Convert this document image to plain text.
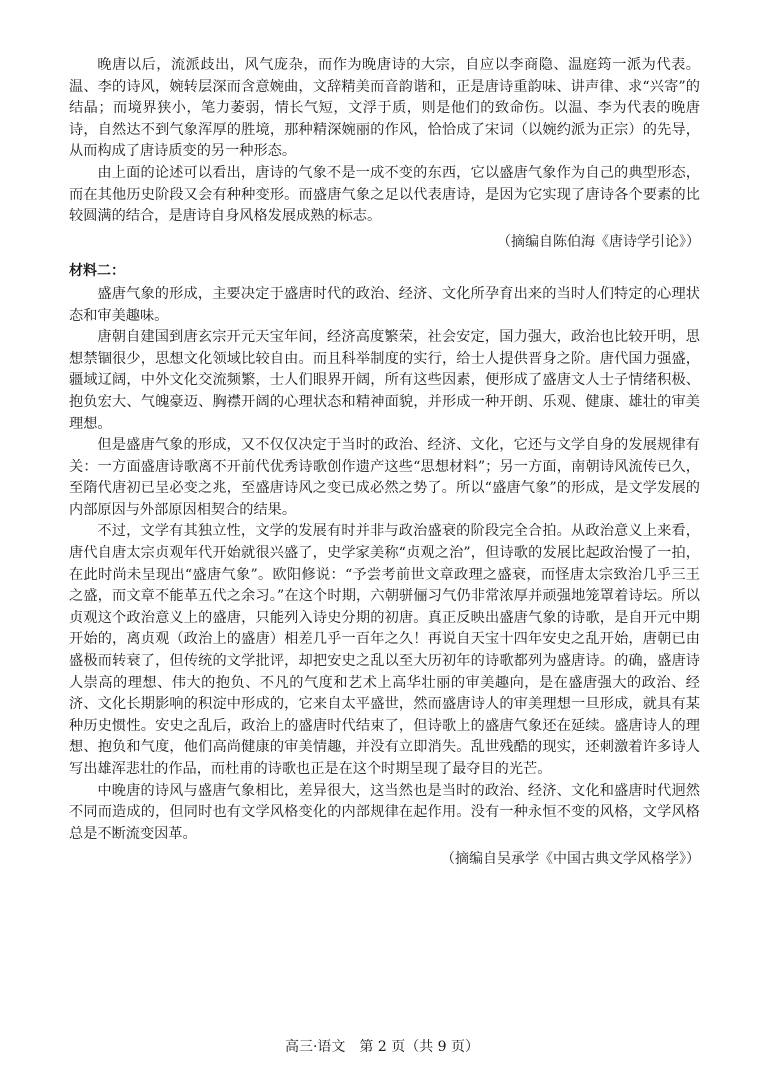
晚唐以后，流派歧出，风气庞杂，而作为晚唐诗的大宗，自应以李商隐、温庭筠一派为代表。温、李的诗风，婉转层深而含意婉曲，文辞精美而音韵谐和，正是唐诗重韵味、讲声律、求“兴寄”的结晶；而境界狭小，笔力萎弱，情长气短，文浮于质，则是他们的致命伤。以温、李为代表的晚唐诗，自然达不到气象浑厚的胜境，那种精深婉丽的作风，恰恰成了宋词（以婉约派为正宗）的先导，从而构成了唐诗质变的另一种形态。

由上面的论述可以看出，唐诗的气象不是一成不变的东西，它以盛唐气象作为自己的典型形态，而在其他历史阶段又会有种种变形。而盛唐气象之足以代表唐诗，是因为它实现了唐诗各个要素的比较圆满的结合，是唐诗自身风格发展成熟的标志。

（摘编自陈伯海《唐诗学引论》）

材料二：

盛唐气象的形成，主要决定于盛唐时代的政治、经济、文化所孕育出来的当时人们特定的心理状态和审美趣味。

唐朝自建国到唐玄宗开元天宝年间，经济高度繁荣，社会安定，国力强大，政治也比较开明，思想禁锢很少，思想文化领域比较自由。而且科举制度的实行，给士人提供晋身之阶。唐代国力强盛，疆域辽阔，中外文化交流频繁，士人们眼界开阔，所有这些因素，便形成了盛唐文人士子情绪积极、抱负宏大、气魄豪迈、胸襟开阔的心理状态和精神面貌，并形成一种开朗、乐观、健康、雄壮的审美理想。

但是盛唐气象的形成，又不仅仅决定于当时的政治、经济、文化，它还与文学自身的发展规律有关：一方面盛唐诗歌离不开前代优秀诗歌创作遗产这些“思想材料”；另一方面，南朝诗风流传已久，至隋代唐初已呈必变之兆，至盛唐诗风之变已成必然之势了。所以“盛唐气象”的形成，是文学发展的内部原因与外部原因相契合的结果。

不过，文学有其独立性，文学的发展有时并非与政治盛衰的阶段完全合拍。从政治意义上来看，唐代自唐太宗贞观年代开始就很兴盛了，史学家美称“贞观之治”，但诗歌的发展比起政治慢了一拍，在此时尚未呈现出“盛唐气象”。欧阳修说：“予尝考前世文章政理之盛衰，而怪唐太宗致治几乎三王之盛，而文章不能革五代之余习。”在这个时期，六朝骈俪习气仍非常浓厚并顽强地笼罩着诗坛。所以贞观这个政治意义上的盛唐，只能列入诗史分期的初唐。真正反映出盛唐气象的诗歌，是自开元中期开始的，离贞观（政治上的盛唐）相差几乎一百年之久！再说自天宝十四年安史之乱开始，唐朝已由盛极而转衰了，但传统的文学批评，却把安史之乱以至大历初年的诗歌都列为盛唐诗。的确，盛唐诗人崇高的理想、伟大的抱负、不凡的气度和艺术上高华壮丽的审美趣向，是在盛唐强大的政治、经济、文化长期影响的积淀中形成的，它来自太平盛世，然而盛唐诗人的审美理想一旦形成，就具有某种历史惯性。安史之乱后，政治上的盛唐时代结束了，但诗歌上的盛唐气象还在延续。盛唐诗人的理想、抱负和气度，他们高尚健康的审美情趣，并没有立即消失。乱世残酷的现实，还刺激着许多诗人写出雄浑悲壮的作品，而杜甫的诗歌也正是在这个时期呈现了最夺目的光芒。

中晚唐的诗风与盛唐气象相比，差异很大，这当然也是当时的政治、经济、文化和盛唐时代迥然不同而造成的，但同时也有文学风格变化的内部规律在起作用。没有一种永恒不变的风格，文学风格总是不断流变因革。

（摘编自吴承学《中国古典文学风格学》）

高三·语文　第 2 页（共 9 页）
